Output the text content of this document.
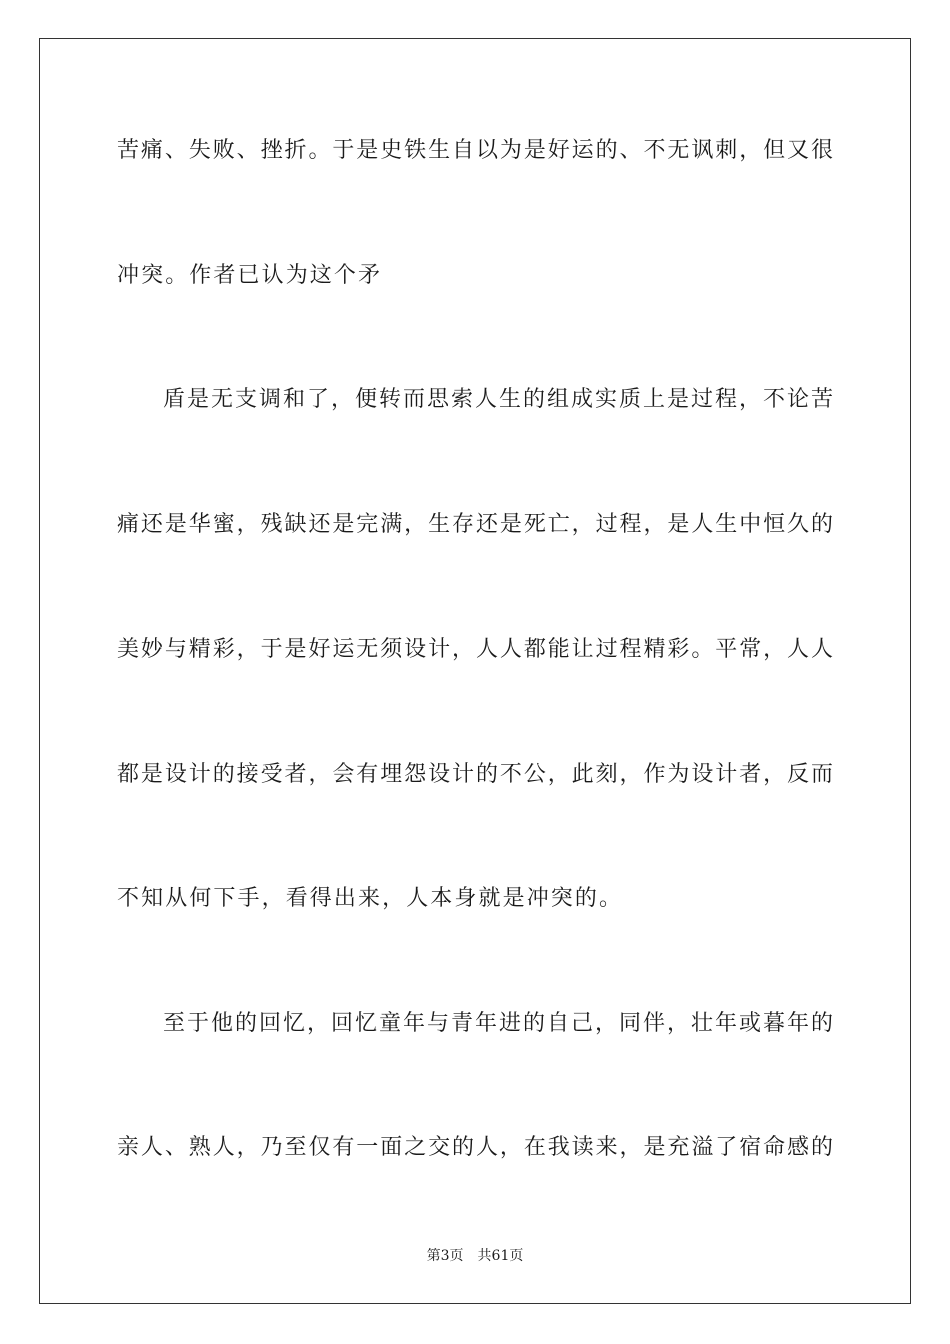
苦痛、失败、挫折。于是史铁生自以为是好运的、不无讽刺，但又很
冲突。作者已认为这个矛
盾是无支调和了，便转而思索人生的组成实质上是过程，不论苦
痛还是华蜜，残缺还是完满，生存还是死亡，过程，是人生中恒久的
美妙与精彩，于是好运无须设计，人人都能让过程精彩。平常，人人
都是设计的接受者，会有埋怨设计的不公，此刻，作为设计者，反而
不知从何下手，看得出来，人本身就是冲突的。
至于他的回忆，回忆童年与青年进的自己，同伴，壮年或暮年的
亲人、熟人，乃至仅有一面之交的人，在我读来，是充溢了宿命感的
第3页 共61页
